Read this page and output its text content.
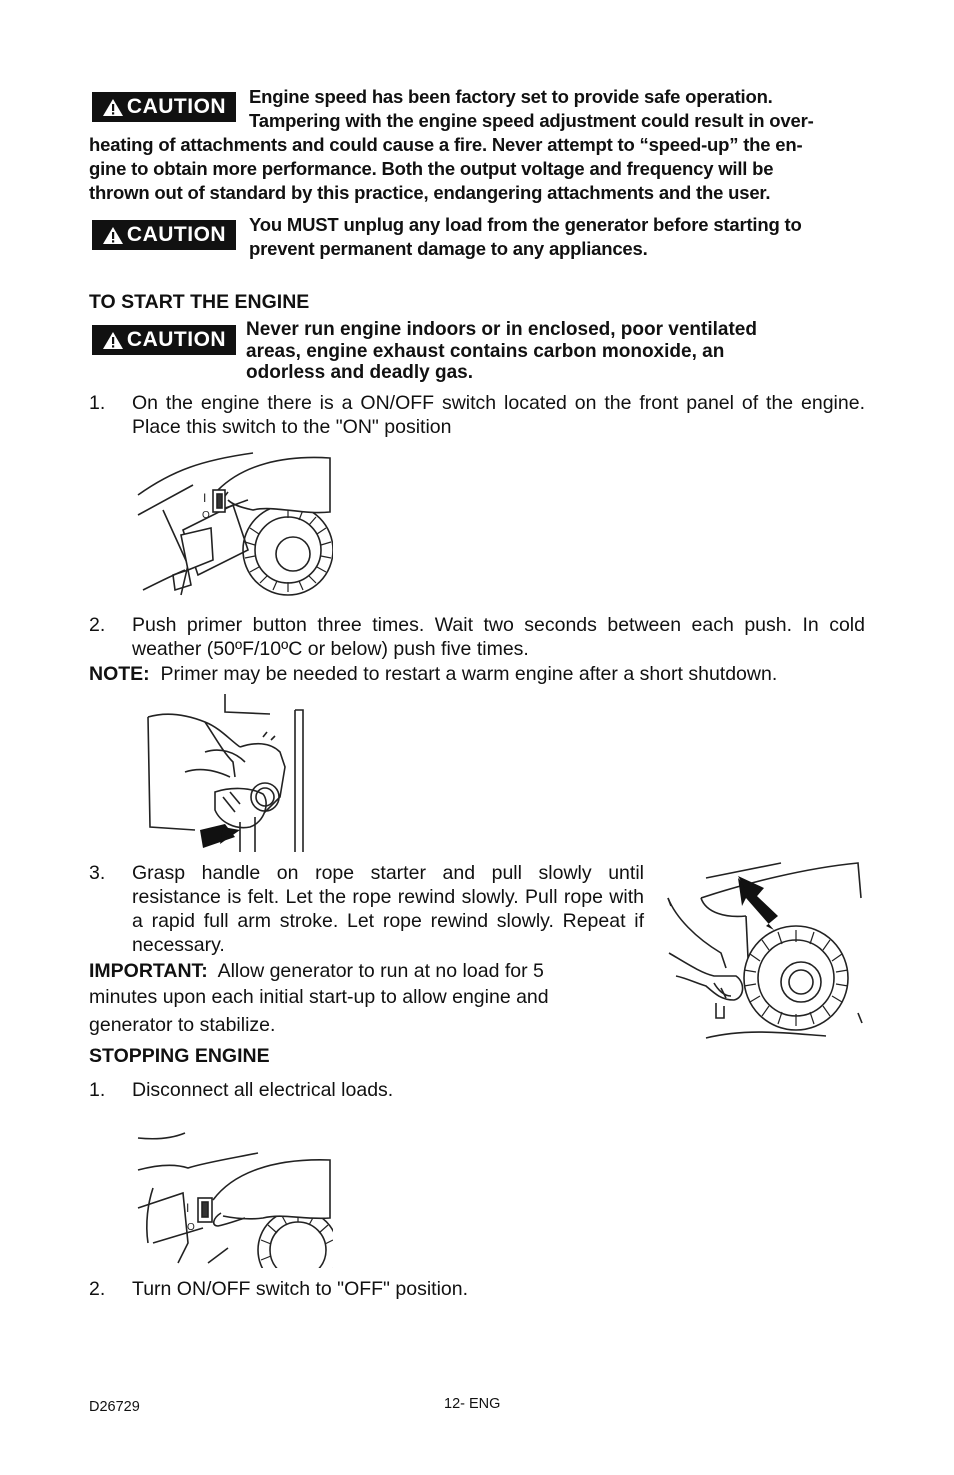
CAUTION Engine speed has been factory set to provide safe operation.
Tampering with the engine speed adjustment could result in over-
heating of attachments and could cause a fire. Never attempt to “speed-up” the en-
gine to obtain more performance. Both the output voltage and frequency will be
thrown out of standard by this practice, endangering attachments and the user.
CAUTION You MUST unplug any load from the generator before starting to
prevent permanent damage to any appliances.
TO START THE ENGINE
CAUTION Never run engine indoors or in enclosed, poor ventilated
areas, engine exhaust contains carbon monoxide, an
odorless and deadly gas.
1. On the engine there is a ON/OFF switch located on the front panel of the engine. Place this switch to the "ON" position
I
O
2. Push primer button three times. Wait two seconds between each push. In cold weather (50ºF/10ºC or below) push five times.
NOTE: Primer may be needed to restart a warm engine after a short shutdown.
3. Grasp handle on rope starter and pull slowly until resistance is felt. Let the rope rewind slowly. Pull rope with a rapid full arm stroke. Let rope rewind slowly. Repeat if necessary.
IMPORTANT: Allow generator to run at no load for 5
minutes upon each initial start-up to allow engine and
generator to stabilize.
STOPPING ENGINE
1. Disconnect all electrical loads.
I
O
2. Turn ON/OFF switch to "OFF" position.
D26729	12- ENG
